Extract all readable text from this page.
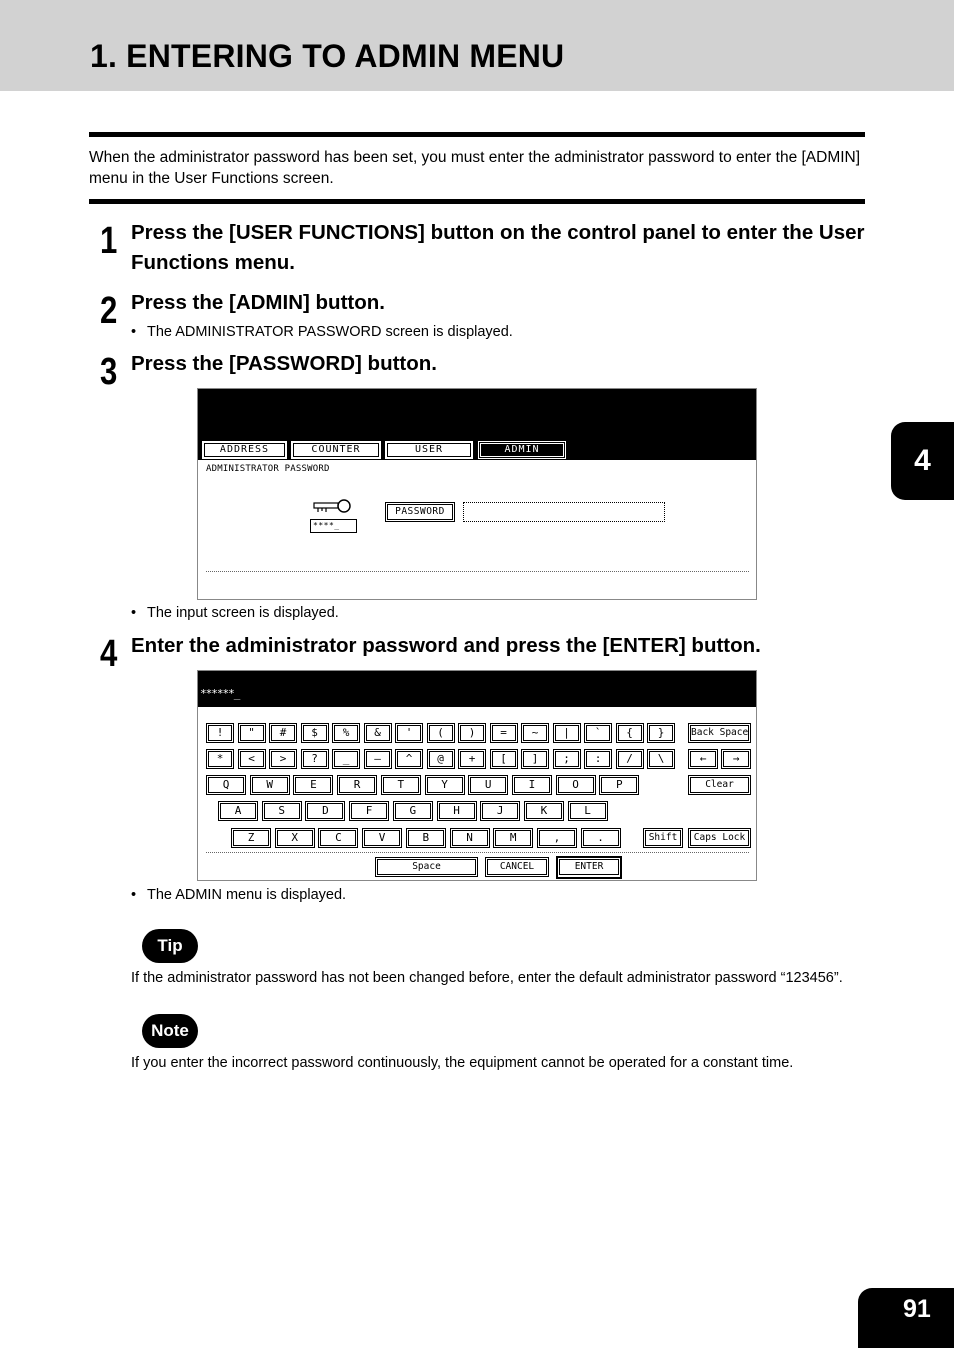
1. ENTERING TO ADMIN MENU

When the administrator password has been set, you must enter the administrator password to enter the [ADMIN] menu in the User Functions screen.

1 Press the [USER FUNCTIONS] button on the control panel to enter the User Functions menu.
2 Press the [ADMIN] button.
• The ADMINISTRATOR PASSWORD screen is displayed.
3 Press the [PASSWORD] button.
ADDRESS	COUNTER	USER	ADMIN
ADMINISTRATOR PASSWORD
****_
PASSWORD
• The input screen is displayed.
4 Enter the administrator password and press the [ENTER] button.
******_
Back Space
←	→
Clear
Shift	Caps Lock
Space	CANCEL	ENTER
!	"	#	$	%	&	'	(	)	=	~	|	`	{	}
*	<	>	?	_	—	^	@	+	[	]	;	:	/	\
Q	W	E	R	T	Y	U	I	O	P
A	S	D	F	G	H	J	K	L
Z	X	C	V	B	N	M	,	.
• The ADMIN menu is displayed.
Tip
If the administrator password has not been changed before, enter the default administrator password “123456”.
Note
If you enter the incorrect password continuously, the equipment cannot be operated for a constant time.
4
91
